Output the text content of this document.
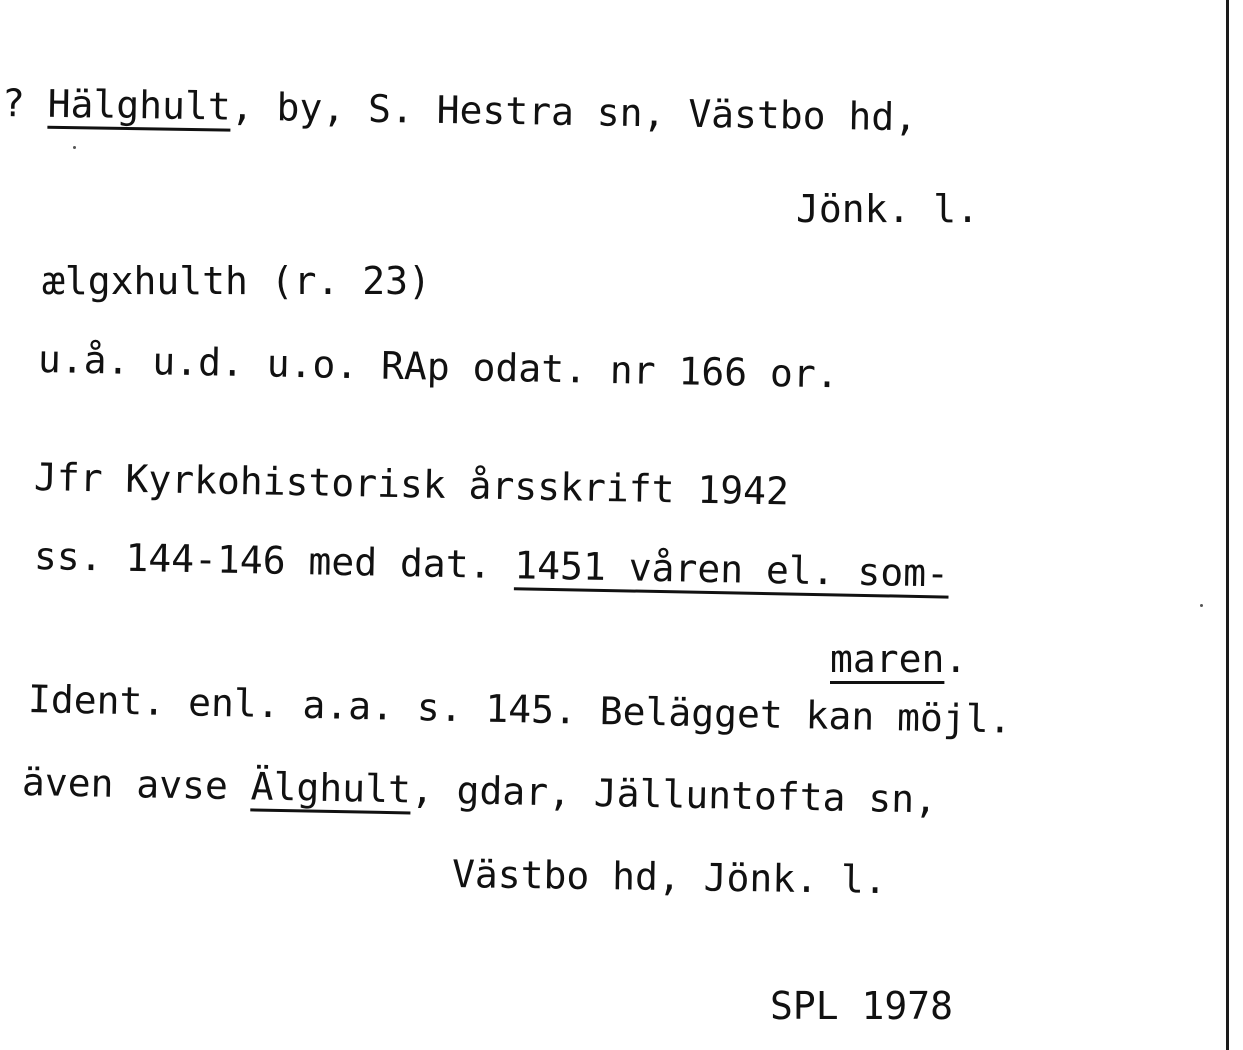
? Hälghult, by, S. Hestra sn, Västbo hd,

Jönk. l.

ælgxhulth (r. 23)

u.å. u.d. u.o. RAp odat. nr 166 or.

Jfr Kyrkohistorisk årsskrift 1942

ss. 144-146 med dat. 1451 våren el. som-

maren.

Ident. enl. a.a. s. 145. Belägget kan möjl.

även avse Älghult, gdar, Jälluntofta sn,

Västbo hd, Jönk. l.

SPL 1978
